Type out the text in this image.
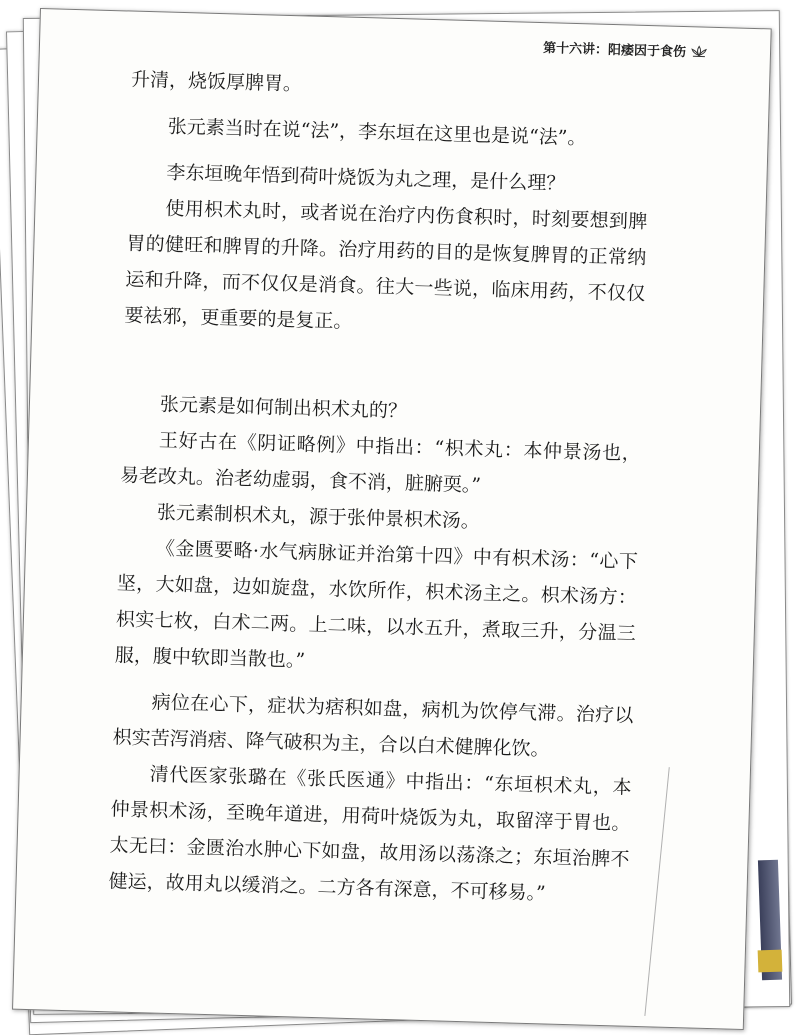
第十六讲：阳痿因于食伤

升清，烧饭厚脾胃。

张元素当时在说“法”，李东垣在这里也是说“法”。

李东垣晚年悟到荷叶烧饭为丸之理，是什么理？

使用枳术丸时，或者说在治疗内伤食积时，时刻要想到脾胃的健旺和脾胃的升降。治疗用药的目的是恢复脾胃的正常纳运和升降，而不仅仅是消食。往大一些说，临床用药，不仅仅要祛邪，更重要的是复正。

张元素是如何制出枳术丸的？

王好古在《阴证略例》中指出：“枳术丸：本仲景汤也，易老改丸。治老幼虚弱，食不消，脏腑耎。”

张元素制枳术丸，源于张仲景枳术汤。

《金匮要略·水气病脉证并治第十四》中有枳术汤：“心下坚，大如盘，边如旋盘，水饮所作，枳术汤主之。枳术汤方：枳实七枚，白术二两。上二味，以水五升，煮取三升，分温三服，腹中软即当散也。”

病位在心下，症状为痞积如盘，病机为饮停气滞。治疗以枳实苦泻消痞、降气破积为主，合以白术健脾化饮。

清代医家张璐在《张氏医通》中指出：“东垣枳术丸，本仲景枳术汤，至晚年道进，用荷叶烧饭为丸，取留滓于胃也。太无曰：金匮治水肿心下如盘，故用汤以荡涤之；东垣治脾不健运，故用丸以缓消之。二方各有深意，不可移易。”
